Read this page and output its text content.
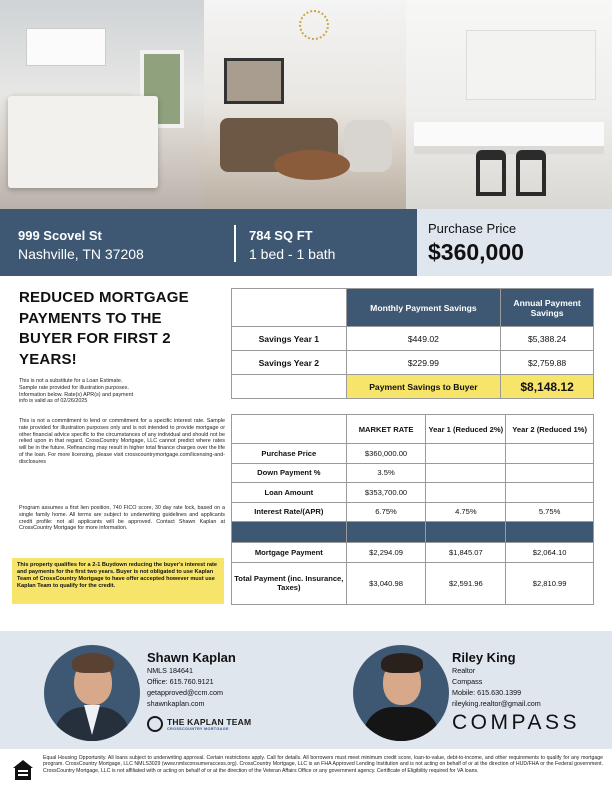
999 Scovel St
Nashville, TN 37208
784 SQ FT
1 bed - 1 bath
Purchase Price
$360,000
REDUCED MORTGAGE PAYMENTS TO THE BUYER FOR FIRST 2 YEARS!
This is not a substitute for a Loan Estimate. Sample rate provided for illustration purposes. Information below. Rate(s) APR(s) and payment info is valid as of 02/26/2025
This is not a commitment to lend or commitment for a specific interest rate. Sample rate provided for illustration purposes only and is not intended to provide mortgage or other financial advice specific to the circumstances of any individual and should not be relied upon in that regard. CrossCountry Mortgage, LLC cannot predict where rates will be in the future. Refinancing may result in higher total finance charges over the life of the loan. For more licensing, please visit crosscountrymortgage.com/licensing-and-disclosures
Program assumes a first lien position, 740 FICO score, 30 day rate lock, based on a single family home. All terms are subject to underwriting guidelines and applicants credit profile: not all applicants will be approved. Contact Shawn Kaplan at CrossCountry Mortgage for more information.
This property qualifies for a 2-1 Buydown reducing the buyer's interest rate and payments for the first two years. Buyer is not obligated to use Kaplan Team of CrossCountry Mortgage to have offer accepted however must use Kaplan Team to qualify for the credit.
	Monthly Payment Savings	Annual Payment Savings
Savings Year 1	$449.02	$5,388.24
Savings Year 2	$229.99	$2,759.88
	Payment Savings to Buyer	$8,148.12
	MARKET RATE	Year 1 (Reduced 2%)	Year 2 (Reduced 1%)
Purchase Price	$360,000.00		
Down Payment %	3.5%		
Loan Amount	$353,700.00		
Interest Rate/(APR)	6.75%	4.75%	5.75%

Mortgage Payment	$2,294.09	$1,845.07	$2,064.10
Total Payment (inc. Insurance, Taxes)	$3,040.98	$2,591.96	$2,810.99
Shawn Kaplan
NMLS 184641
Office: 615.760.9121
getapproved@ccm.com
shawnkaplan.com
THE KAPLAN TEAM
CROSSCOUNTRY MORTGAGE
Riley King
Realtor
Compass
Mobile: 615.630.1399
rileyking.realtor@gmail.com
COMPASS
Equal Housing Opportunity. All loans subject to underwriting approval. Certain restrictions apply. Call for details. All borrowers must meet minimum credit score, loan-to-value, debt-to-income, and other requirements to qualify for any mortgage program. CrossCountry Mortgage, LLC NMLS3029 (www.nmlsconsumeraccess.org). CrossCountry Mortgage, LLC is an FHA Approved Lending Institution and is not acting on behalf of or at the direction of HUD/FHA or the Federal government. CrossCountry Mortgage, LLC is not affiliated with or acting on behalf of or at the direction of the Veteran Affairs Office or any government agency. Certificate of Eligibility required for VA loans.
